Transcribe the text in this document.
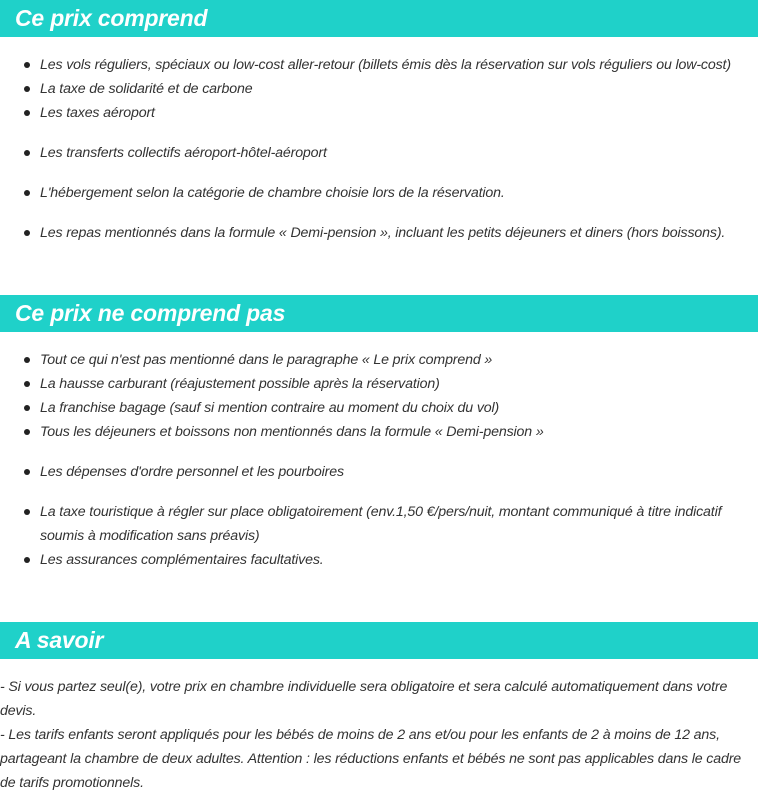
Ce prix comprend
Les vols réguliers, spéciaux ou low-cost aller-retour (billets émis dès la réservation sur vols réguliers ou low-cost)
La taxe de solidarité et de carbone
Les taxes aéroport
Les transferts collectifs aéroport-hôtel-aéroport
L'hébergement selon la catégorie de chambre choisie lors de la réservation.
Les repas mentionnés dans la formule « Demi-pension », incluant les petits déjeuners et diners (hors boissons).
Ce prix ne comprend pas
Tout ce qui n'est pas mentionné dans le paragraphe « Le prix comprend »
La hausse carburant (réajustement possible après la réservation)
La franchise bagage (sauf si mention contraire au moment du choix du vol)
Tous les déjeuners et boissons non mentionnés dans la formule « Demi-pension »
Les dépenses d'ordre personnel et les pourboires
La taxe touristique à régler sur place obligatoirement (env.1,50 €/pers/nuit, montant communiqué à titre indicatif soumis à modification sans préavis)
Les assurances complémentaires facultatives.
A savoir

- Si vous partez seul(e), votre prix en chambre individuelle sera obligatoire et sera calculé automatiquement dans votre devis.

- Les tarifs enfants seront appliqués pour les bébés de moins de 2 ans et/ou pour les enfants de 2 à moins de 12 ans, partageant la chambre de deux adultes. Attention : les réductions enfants et bébés ne sont pas applicables dans le cadre de tarifs promotionnels.
